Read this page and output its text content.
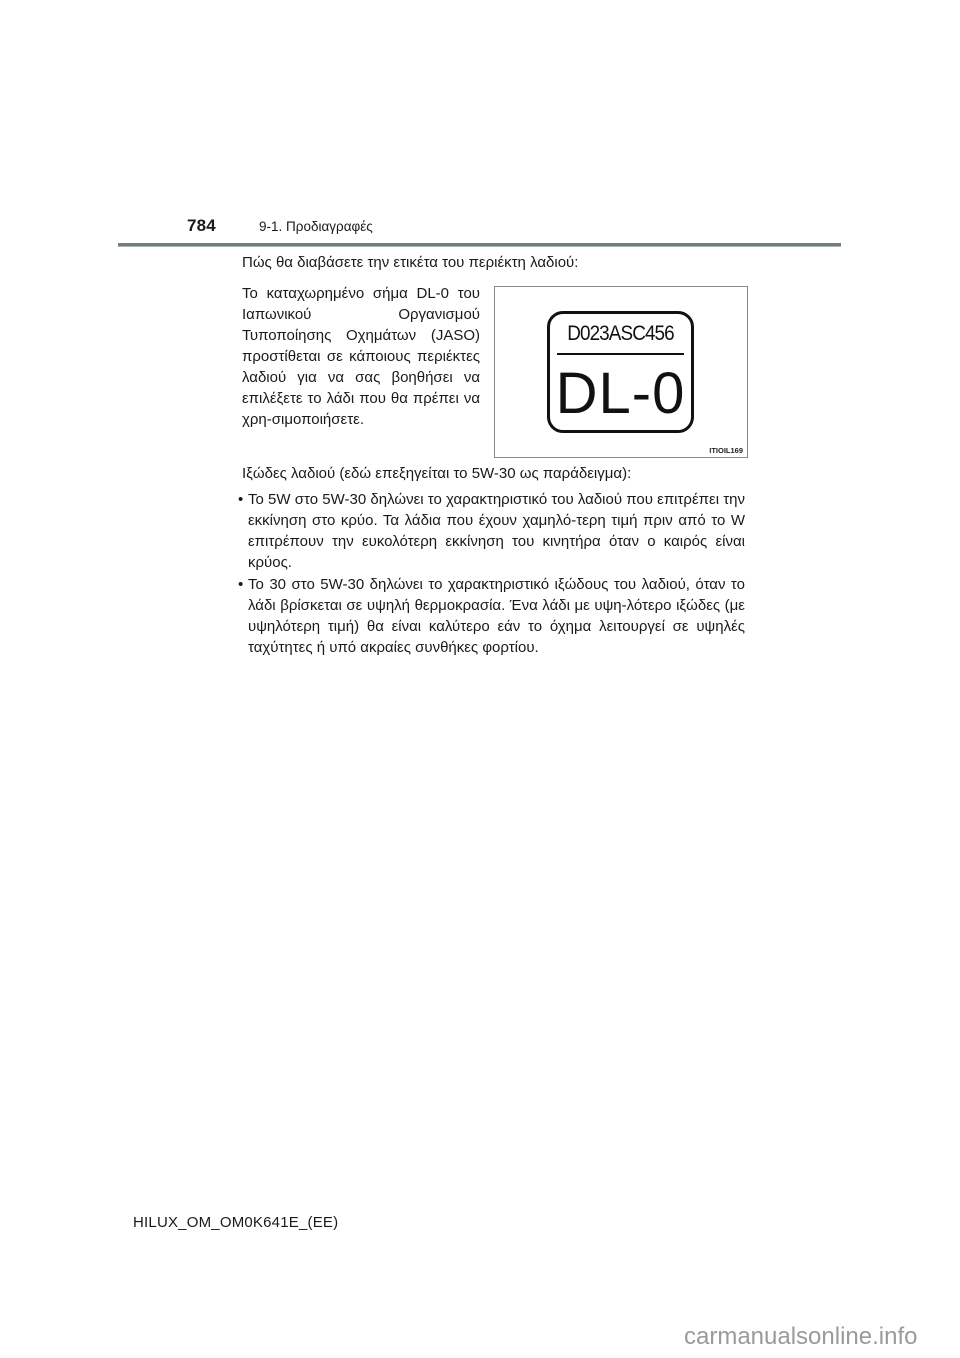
784	9-1. Προδιαγραφές
Πώς θα διαβάσετε την ετικέτα του περιέκτη λαδιού:
Το καταχωρημένο σήμα DL-0 του Ιαπωνικού Οργανισμού Τυποποίησης Οχημάτων (JASO) προστίθεται σε κάποιους περιέκτες λαδιού για να σας βοηθήσει να επιλέξετε το λάδι που θα πρέπει να χρη-σιμοποιήσετε.
D023ASC456
DL-0
ITIOIL169
Ιξώδες λαδιού (εδώ επεξηγείται το 5W-30 ως παράδειγμα):
• Το 5W στο 5W-30 δηλώνει το χαρακτηριστικό του λαδιού που επιτρέπει την εκκίνηση στο κρύο. Τα λάδια που έχουν χαμηλό-τερη τιμή πριν από το W επιτρέπουν την ευκολότερη εκκίνηση του κινητήρα όταν ο καιρός είναι κρύος.
• Το 30 στο 5W-30 δηλώνει το χαρακτηριστικό ιξώδους του λαδιού, όταν το λάδι βρίσκεται σε υψηλή θερμοκρασία. Ένα λάδι με υψη-λότερο ιξώδες (με υψηλότερη τιμή) θα είναι καλύτερο εάν το όχημα λειτουργεί σε υψηλές ταχύτητες ή υπό ακραίες συνθήκες φορτίου.
HILUX_OM_OM0K641E_(EE)
carmanualsonline.info
